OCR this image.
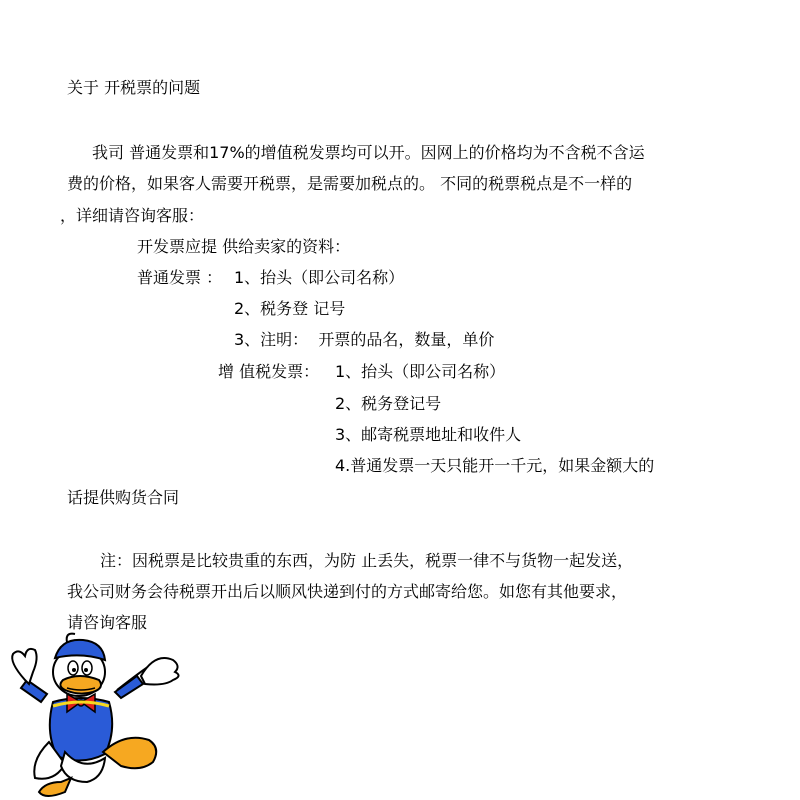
关于 开税票的问题
我司 普通发票和17%的增值税发票均可以开。因网上的价格均为不含税不含运
费的价格，如果客人需要开税票，是需要加税点的。 不同的税票税点是不一样的
，详细请咨询客服：
开发票应提 供给卖家的资料：
普通发票 ： 1、抬头（即公司名称）
2、税务登 记号
3、注明：  开票的品名，数量，单价
增 值税发票： 1、抬头（即公司名称）
2、税务登记号
3、邮寄税票地址和收件人
4.普通发票一天只能开一千元，如果金额大的
话提供购货合同
注：因税票是比较贵重的东西，为防 止丢失，税票一律不与货物一起发送，
我公司财务会待税票开出后以顺风快递到付的方式邮寄给您。如您有其他要求，
请咨询客服
